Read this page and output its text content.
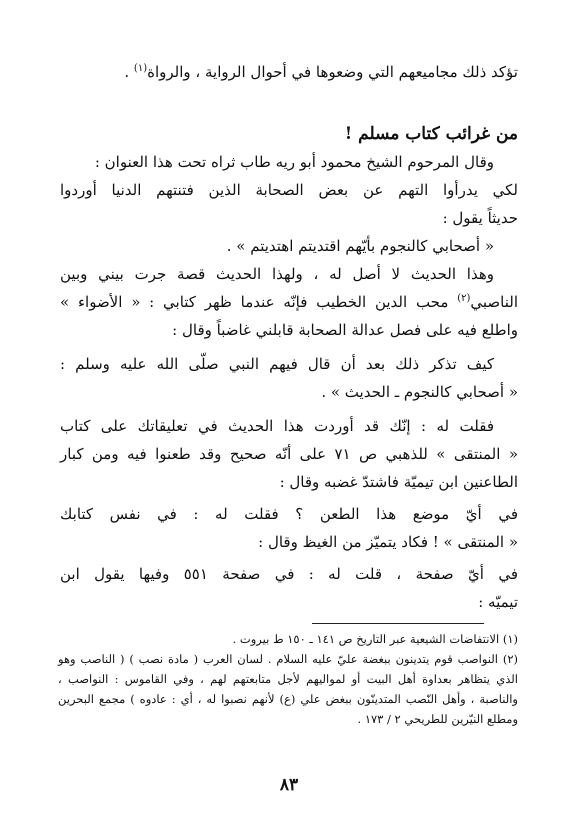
تؤكد ذلك مجاميعهم التي وضعوها في أحوال الرواية ، والرواة$^{(١)}$ .
من غرائب كتاب مسلم !
وقال المرحوم الشيخ محمود أبو ريه طاب ثراه تحت هذا العنوان :
لكي يدرأوا التهم عن بعض الصحابة الذين فتنتهم الدنيا أوردوا
حديثاً يقول :
« أصحابي كالنجوم بأيّهم اقتديتم اهتديتم » .
وهذا الحديث لا أصل له ، ولهذا الحديث قصة جرت بيني وبين
الناصبي$^{(٢)}$ محب الدين الخطيب فإنّه عندما ظهر كتابي : « الأضواء »
واطلع فيه على فصل عدالة الصحابة قابلني غاضباً وقال :
كيف تذكر ذلك بعد أن قال فيهم النبي صلّى الله عليه وسلم :
« أصحابي كالنجوم ـ الحديث » .
فقلت له : إنّك قد أوردت هذا الحديث في تعليقاتك على كتاب
« المنتقى » للذهبي ص ٧١ على أنّه صحيح وقد طعنوا فيه ومن كبار
الطاعنين ابن تيميّة فاشتدّ غضبه وقال :
في أيّ موضع هذا الطعن ؟ فقلت له : في نفس كتابك
« المنتقى » ! فكاد يتميّز من الغيظ وقال :
في أيّ صفحة ، قلت له : في صفحة ٥٥١ وفيها يقول ابن
تيميّه :
(١) الانتفاضات الشيعية عبر التاريخ ص ١٤١ ـ ١٥٠ ط بيروت .
(٢) النواصب قوم يتدينون ببغضة عليّ عليه السلام . لسان العرب ( مادة نصب ) ( الناصب وهو
الذي يتظاهر بعداوة أهل البيت أو لمواليهم لأجل متابعتهم لهم ، وفي القاموس : النواصب ،
والناصبة ، وأهل النّصب المتدينّون ببغض علي (ع) لأنهم نصبوا له ، أي : عادوه ) مجمع البحرين
ومطلع النيّرين للطريحي ٢ / ١٧٣ .
٨٣
